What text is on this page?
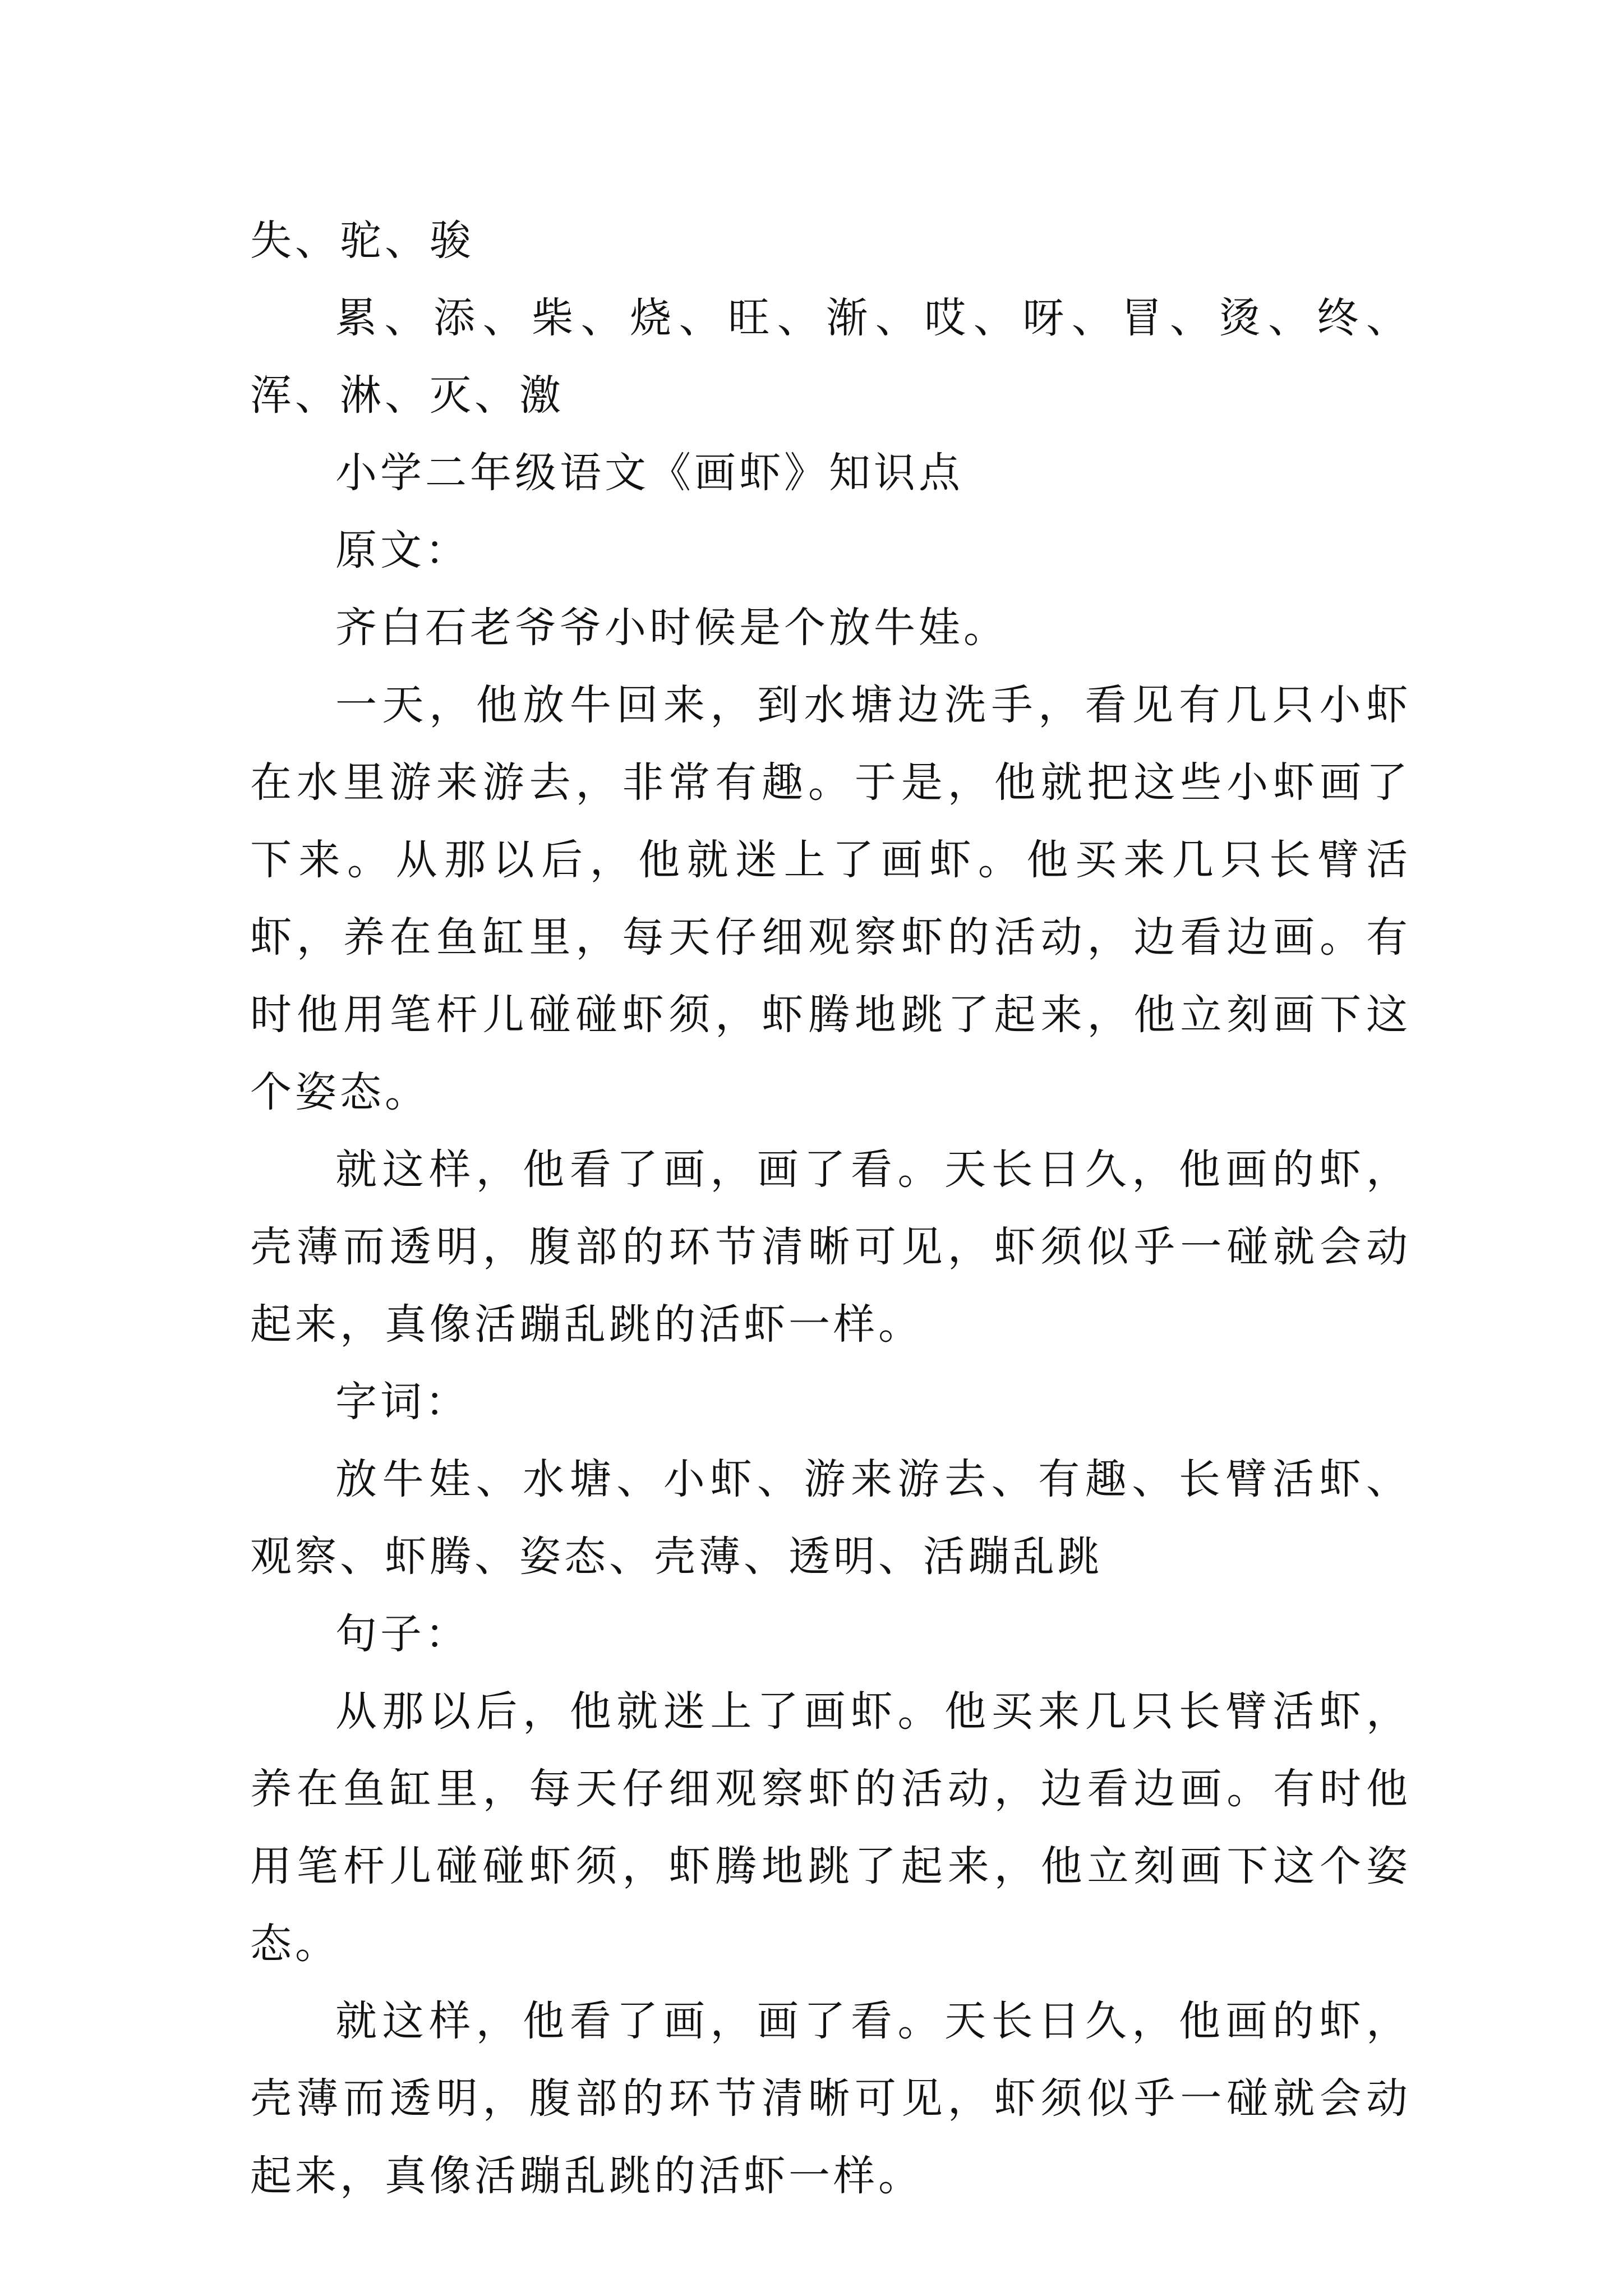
失、驼、骏

累、添、柴、烧、旺、渐、哎、呀、冒、烫、终、浑、淋、灭、激

小学二年级语文《画虾》知识点

原文：

齐白石老爷爷小时候是个放牛娃。

一天，他放牛回来，到水塘边洗手，看见有几只小虾在水里游来游去，非常有趣。于是，他就把这些小虾画了下来。从那以后，他就迷上了画虾。他买来几只长臂活虾，养在鱼缸里，每天仔细观察虾的活动，边看边画。有时他用笔杆儿碰碰虾须，虾腾地跳了起来，他立刻画下这个姿态。

就这样，他看了画，画了看。天长日久，他画的虾，壳薄而透明，腹部的环节清晰可见，虾须似乎一碰就会动起来，真像活蹦乱跳的活虾一样。

字词：

放牛娃、水塘、小虾、游来游去、有趣、长臂活虾、观察、虾腾、姿态、壳薄、透明、活蹦乱跳

句子：

从那以后，他就迷上了画虾。他买来几只长臂活虾，养在鱼缸里，每天仔细观察虾的活动，边看边画。有时他用笔杆儿碰碰虾须，虾腾地跳了起来，他立刻画下这个姿态。

就这样，他看了画，画了看。天长日久，他画的虾，壳薄而透明，腹部的环节清晰可见，虾须似乎一碰就会动起来，真像活蹦乱跳的活虾一样。
